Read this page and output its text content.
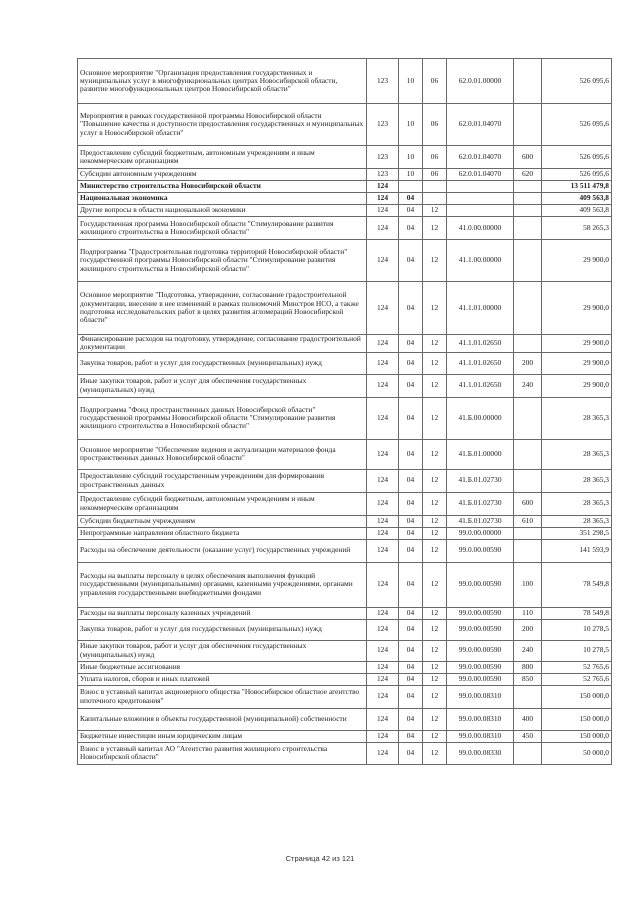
Основное мероприятие "Организация предоставления государственных и муниципальных услуг в многофункциональных центрах Новосибирской области, развитие многофункциональных центров Новосибирской области"	123	10	06	62.0.01.00000		526 095,6
Мероприятия в рамках государственной программы Новосибирской области "Повышение качества и доступности предоставления государственных и муниципальных услуг в Новосибирской области"	123	10	06	62.0.01.04070		526 095,6
Предоставление субсидий бюджетным, автономным учреждениям и иным некоммерческим организациям	123	10	06	62.0.01.04070	600	526 095,6
Субсидии автономным учреждениям	123	10	06	62.0.01.04070	620	526 095,6
Министерство строительства Новосибирской области	124					13 511 479,8
Национальная экономика	124	04				409 563,8
Другие вопросы в области национальной экономики	124	04	12			409 563,8
Государственная программа Новосибирской области "Стимулирование развития жилищного строительства в Новосибирской области"	124	04	12	41.0.00.00000		58 265,3
Подпрограмма "Градостроительная подготовка территорий Новосибирской области" государственной программы Новосибирской области "Стимулирование развития жилищного строительства в Новосибирской области"	124	04	12	41.1.00.00000		29 900,0
Основное мероприятие "Подготовка, утверждение, согласование градостроительной документации, внесение в нее изменений в рамках полномочий Минстроя НСО, а также подготовка исследовательских работ в целях развития агломераций Новосибирской области"	124	04	12	41.1.01.00000		29 900,0
Финансирование расходов на подготовку, утверждение, согласование градостроительной документации	124	04	12	41.1.01.02650		29 900,0
Закупка товаров, работ и услуг для государственных (муниципальных) нужд	124	04	12	41.1.01.02650	200	29 900,0
Иные закупки товаров, работ и услуг для обеспечения государственных (муниципальных) нужд	124	04	12	41.1.01.02650	240	29 900,0
Подпрограмма "Фонд пространственных данных Новосибирской области" государственной программы Новосибирской области "Стимулирование развития жилищного строительства в Новосибирской области"	124	04	12	41.Б.00.00000		28 365,3
Основное мероприятие "Обеспечение ведения и актуализации материалов фонда пространственных данных Новосибирской области"	124	04	12	41.Б.01.00000		28 365,3
Предоставление субсидий государственным учреждениям для формирования пространственных данных	124	04	12	41.Б.01.02730		28 365,3
Предоставление субсидий бюджетным, автономным учреждениям и иным некоммерческим организациям	124	04	12	41.Б.01.02730	600	28 365,3
Субсидии бюджетным учреждениям	124	04	12	41.Б.01.02730	610	28 365,3
Непрограммные направления областного бюджета	124	04	12	99.0.00.00000		351 298,5
Расходы на обеспечение деятельности (оказание услуг) государственных учреждений	124	04	12	99.0.00.00590		141 593,9
Расходы на выплаты персоналу в целях обеспечения выполнения функций государственными (муниципальными) органами, казенными учреждениями, органами управления государственными внебюджетными фондами	124	04	12	99.0.00.00590	100	78 549,8
Расходы на выплаты персоналу казенных учреждений	124	04	12	99.0.00.00590	110	78 549,8
Закупка товаров, работ и услуг для государственных (муниципальных) нужд	124	04	12	99.0.00.00590	200	10 278,5
Иные закупки товаров, работ и услуг для обеспечения государственных (муниципальных) нужд	124	04	12	99.0.00.00590	240	10 278,5
Иные бюджетные ассигнования	124	04	12	99.0.00.00590	800	52 765,6
Уплата налогов, сборов и иных платежей	124	04	12	99.0.00.00590	850	52 765,6
Взнос в уставный капитал акционерного общества "Новосибирское областное агентство ипотечного кредитования"	124	04	12	99.0.00.08310		150 000,0
Капитальные вложения в объекты государственной (муниципальной) собственности	124	04	12	99.0.00.08310	400	150 000,0
Бюджетные инвестиции иным юридическим лицам	124	04	12	99.0.00.08310	450	150 000,0
Взнос в уставный капитал АО "Агентство развития жилищного строительства Новосибирской области"	124	04	12	99.0.00.08330		50 000,0
Страница 42 из 121
